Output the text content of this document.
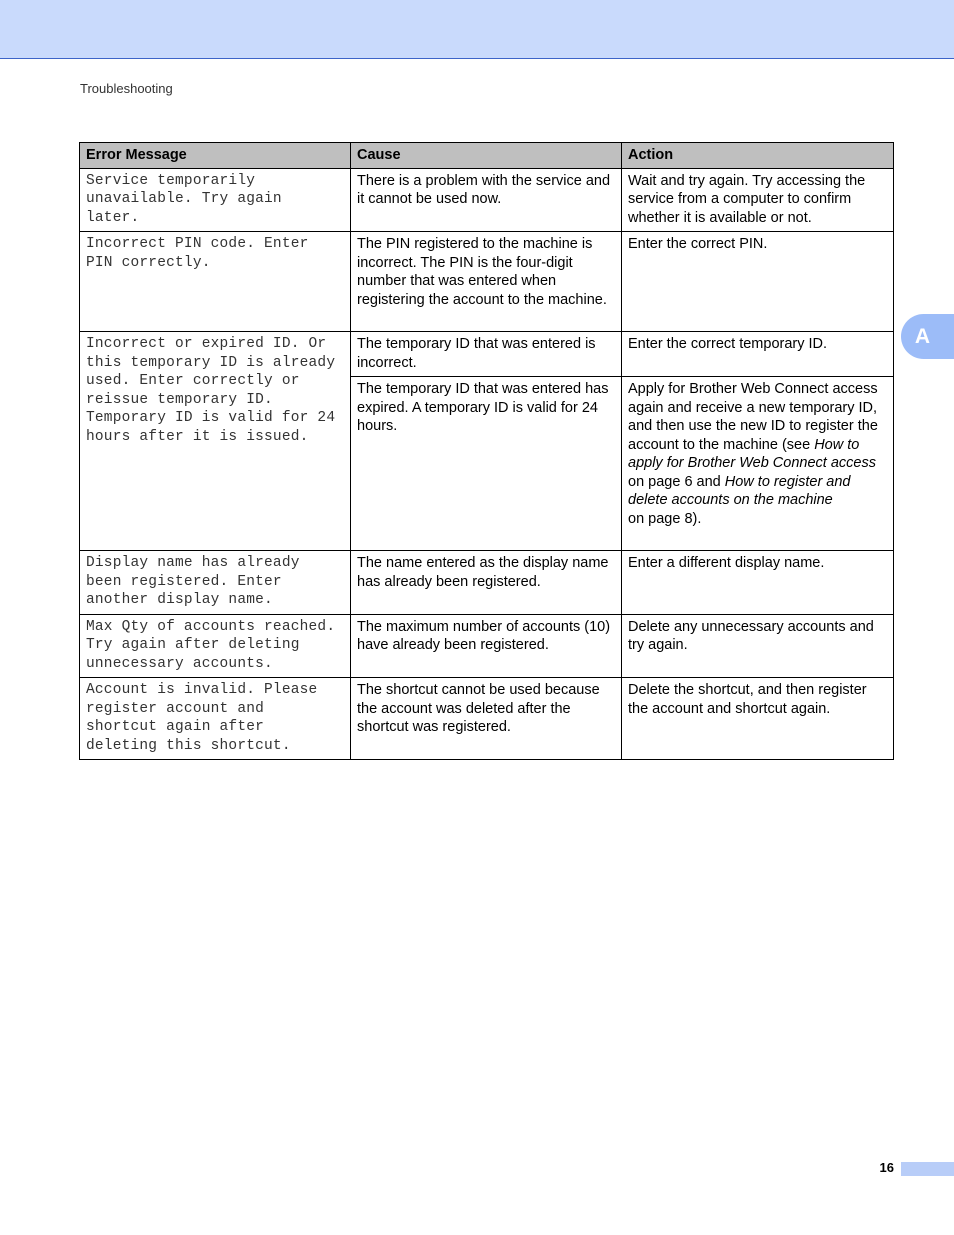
Troubleshooting
A
Error Message	Cause	Action
Service temporarily unavailable. Try again later.	There is a problem with the service and it cannot be used now.	Wait and try again. Try accessing the service from a computer to confirm whether it is available or not.
Incorrect PIN code. Enter PIN correctly.	The PIN registered to the machine is incorrect. The PIN is the four-digit number that was entered when registering the account to the machine.	Enter the correct PIN.
Incorrect or expired ID. Or this temporary ID is already used. Enter correctly or reissue temporary ID. Temporary ID is valid for 24 hours after it is issued.	The temporary ID that was entered is incorrect.	Enter the correct temporary ID.
	The temporary ID that was entered has expired. A temporary ID is valid for 24 hours.	Apply for Brother Web Connect access again and receive a new temporary ID, and then use the new ID to register the account to the machine (see How to apply for Brother Web Connect access
on page 6 and How to register and delete accounts on the machine
on page 8).
Display name has already been registered. Enter another display name.	The name entered as the display name has already been registered.	Enter a different display name.
Max Qty of accounts reached. Try again after deleting unnecessary accounts.	The maximum number of accounts (10) have already been registered.	Delete any unnecessary accounts and try again.
Account is invalid. Please register account and shortcut again after deleting this shortcut.	The shortcut cannot be used because the account was deleted after the shortcut was registered.	Delete the shortcut, and then register the account and shortcut again.
16
